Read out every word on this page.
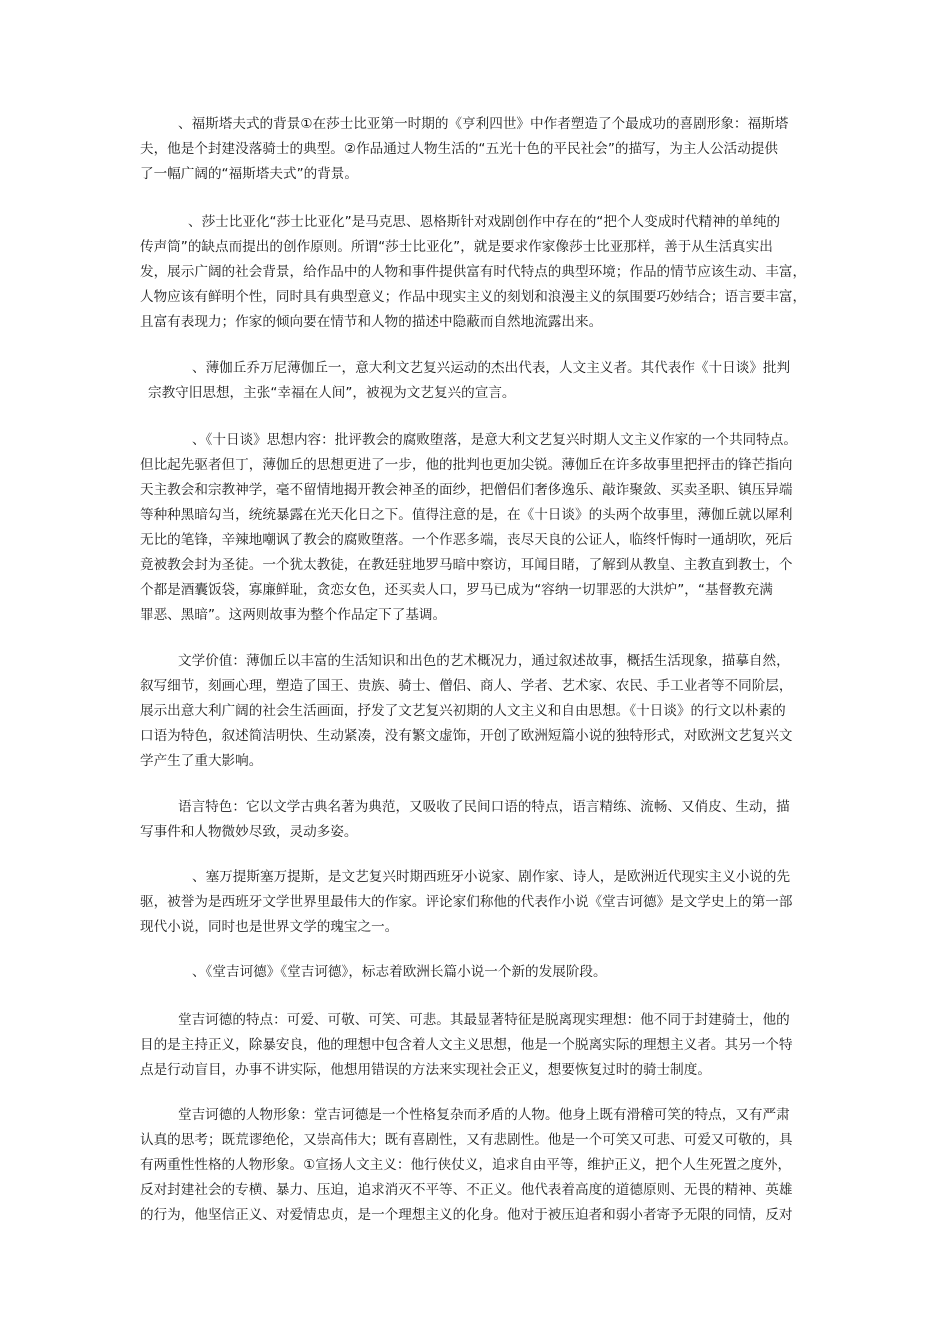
、福斯塔夫式的背景①在莎士比亚第一时期的《亨利四世》中作者塑造了个最成功的喜剧形象：福斯塔
夫，他是个封建没落骑士的典型。②作品通过人物生活的“五光十色的平民社会”的描写，为主人公活动提供
了一幅广阔的“福斯塔夫式”的背景。
、莎士比亚化“莎士比亚化”是马克思、恩格斯针对戏剧创作中存在的“把个人变成时代精神的单纯的
传声筒”的缺点而提出的创作原则。所谓“莎士比亚化”，就是要求作家像莎士比亚那样，善于从生活真实出
发，展示广阔的社会背景，给作品中的人物和事件提供富有时代特点的典型环境；作品的情节应该生动、丰富，
人物应该有鲜明个性，同时具有典型意义；作品中现实主义的刻划和浪漫主义的氛围要巧妙结合；语言要丰富，
且富有表现力；作家的倾向要在情节和人物的描述中隐蔽而自然地流露出来。
、薄伽丘乔万尼薄伽丘一，意大利文艺复兴运动的杰出代表，人文主义者。其代表作《十日谈》批判
宗教守旧思想，主张“幸福在人间”，被视为文艺复兴的宣言。
、《十日谈》思想内容：批评教会的腐败堕落，是意大利文艺复兴时期人文主义作家的一个共同特点。
但比起先驱者但丁，薄伽丘的思想更进了一步，他的批判也更加尖锐。薄伽丘在许多故事里把抨击的锋芒指向
天主教会和宗教神学，毫不留情地揭开教会神圣的面纱，把僧侣们奢侈逸乐、敲诈聚敛、买卖圣职、镇压异端
等种种黑暗勾当，统统暴露在光天化日之下。值得注意的是，在《十日谈》的头两个故事里，薄伽丘就以犀利
无比的笔锋，辛辣地嘲讽了教会的腐败堕落。一个作恶多端，丧尽天良的公证人，临终忏悔时一通胡吹，死后
竟被教会封为圣徒。一个犹太教徒，在教廷驻地罗马暗中察访，耳闻目睹，了解到从教皇、主教直到教士，个
个都是酒囊饭袋，寡廉鲜耻，贪恋女色，还买卖人口，罗马已成为“容纳一切罪恶的大洪炉”，“基督教充满
罪恶、黑暗”。这两则故事为整个作品定下了基调。
文学价值：薄伽丘以丰富的生活知识和出色的艺术概况力，通过叙述故事，概括生活现象，描摹自然，
叙写细节，刻画心理，塑造了国王、贵族、骑士、僧侣、商人、学者、艺术家、农民、手工业者等不同阶层，
展示出意大利广阔的社会生活画面，抒发了文艺复兴初期的人文主义和自由思想。《十日谈》的行文以朴素的
口语为特色，叙述简洁明快、生动紧凑，没有繁文虚饰，开创了欧洲短篇小说的独特形式，对欧洲文艺复兴文
学产生了重大影响。
语言特色：它以文学古典名著为典范，又吸收了民间口语的特点，语言精练、流畅、又俏皮、生动，描
写事件和人物微妙尽致，灵动多姿。
、塞万提斯塞万提斯，是文艺复兴时期西班牙小说家、剧作家、诗人，是欧洲近代现实主义小说的先
驱，被誉为是西班牙文学世界里最伟大的作家。评论家们称他的代表作小说《堂吉诃德》是文学史上的第一部
现代小说，同时也是世界文学的瑰宝之一。
、《堂吉诃德》《堂吉诃德》，标志着欧洲长篇小说一个新的发展阶段。
堂吉诃德的特点：可爱、可敬、可笑、可悲。其最显著特征是脱离现实理想：他不同于封建骑士，他的
目的是主持正义，除暴安良，他的理想中包含着人文主义思想，他是一个脱离实际的理想主义者。其另一个特
点是行动盲目，办事不讲实际，他想用错误的方法来实现社会正义，想要恢复过时的骑士制度。
堂吉诃德的人物形象：堂吉诃德是一个性格复杂而矛盾的人物。他身上既有滑稽可笑的特点，又有严肃
认真的思考；既荒谬绝伦，又崇高伟大；既有喜剧性，又有悲剧性。他是一个可笑又可悲、可爱又可敬的，具
有两重性性格的人物形象。①宣扬人文主义：他行侠仗义，追求自由平等，维护正义，把个人生死置之度外，
反对封建社会的专横、暴力、压迫，追求消灭不平等、不正义。他代表着高度的道德原则、无畏的精神、英雄
的行为，他坚信正义、对爱情忠贞，是一个理想主义的化身。他对于被压迫者和弱小者寄予无限的同情，反对
